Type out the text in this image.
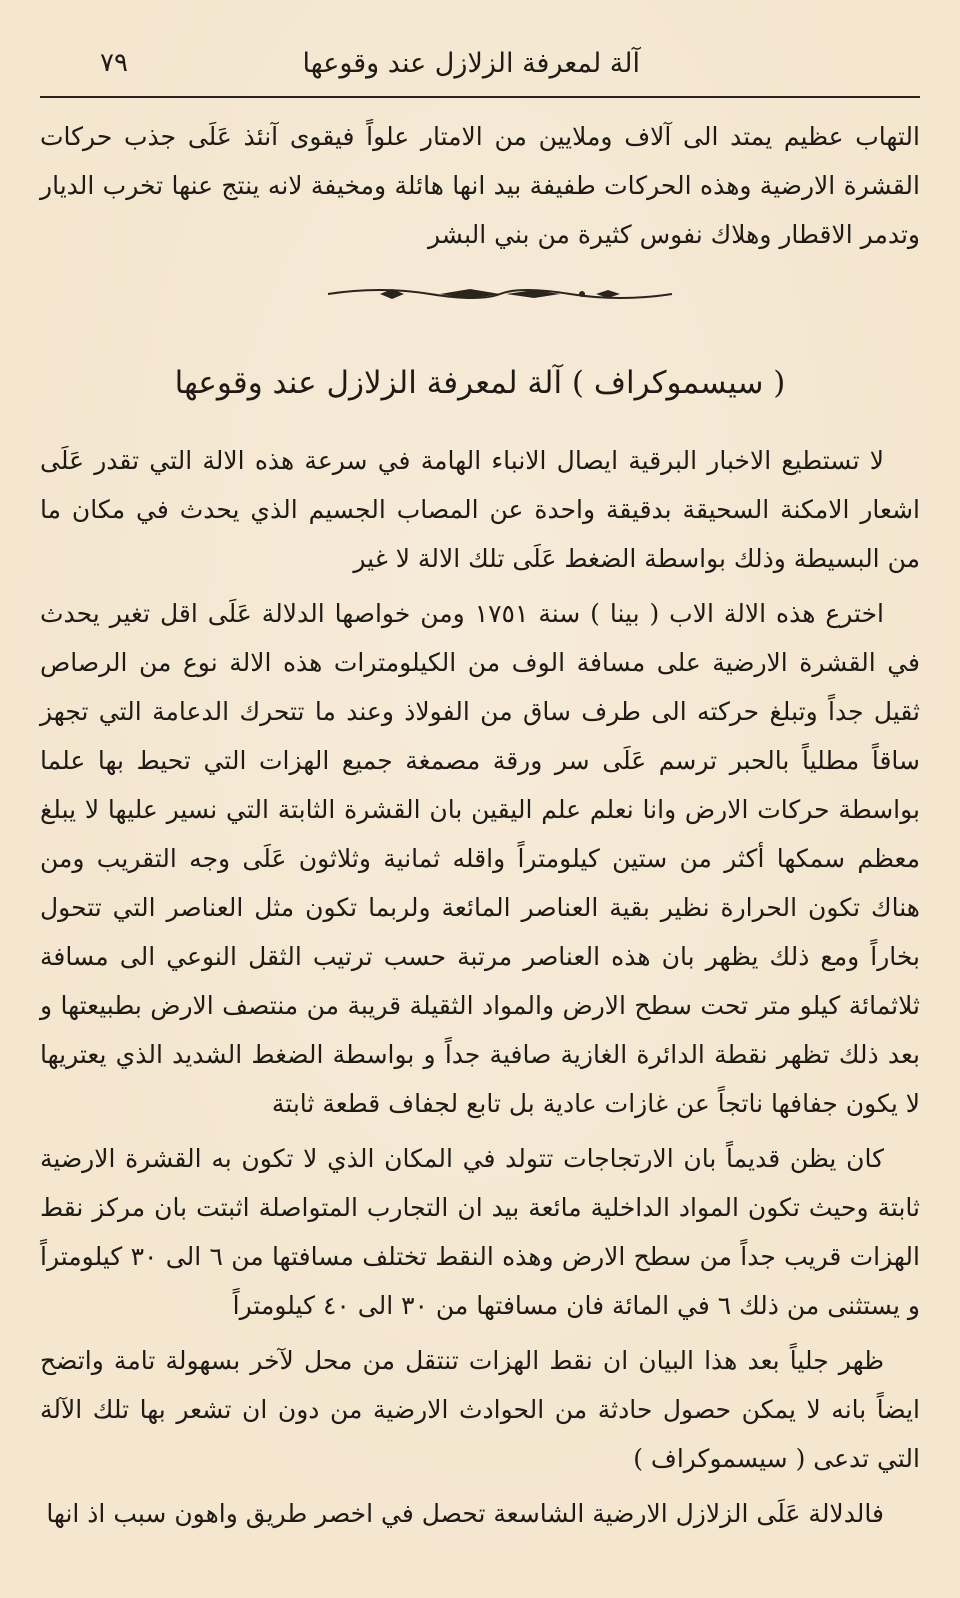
آلة لمعرفة الزلازل عند وقوعها
٧٩

التهاب عظيم يمتد الى آلاف وملايين من الامتار علواً فيقوى آنئذ عَلَى جذب حركات القشرة الارضية وهذه الحركات طفيفة بيد انها هائلة ومخيفة لانه ينتج عنها تخرب الديار وتدمر الاقطار وهلاك نفوس كثيرة من بني البشر

( سيسموكراف ) آلة لمعرفة الزلازل عند وقوعها

لا تستطيع الاخبار البرقية ايصال الانباء الهامة في سرعة هذه الالة التي تقدر عَلَى اشعار الامكنة السحيقة بدقيقة واحدة عن المصاب الجسيم الذي يحدث في مكان ما من البسيطة وذلك بواسطة الضغط عَلَى تلك الالة لا غير

اخترع هذه الالة الاب ( بينا ) سنة ١٧٥١ ومن خواصها الدلالة عَلَى اقل تغير يحدث في القشرة الارضية على مسافة الوف من الكيلومترات هذه الالة نوع من الرصاص ثقيل جداً وتبلغ حركته الى طرف ساق من الفولاذ وعند ما تتحرك الدعامة التي تجهز ساقاً مطلياً بالحبر ترسم عَلَى سر ورقة مصمغة جميع الهزات التي تحيط بها علما بواسطة حركات الارض وانا نعلم علم اليقين بان القشرة الثابتة التي نسير عليها لا يبلغ معظم سمكها أكثر من ستين كيلومتراً واقله ثمانية وثلاثون عَلَى وجه التقريب ومن هناك تكون الحرارة نظير بقية العناصر المائعة ولربما تكون مثل العناصر التي تتحول بخاراً ومع ذلك يظهر بان هذه العناصر مرتبة حسب ترتيب الثقل النوعي الى مسافة ثلاثمائة كيلو متر تحت سطح الارض والمواد الثقيلة قريبة من منتصف الارض بطبيعتها و بعد ذلك تظهر نقطة الدائرة الغازية صافية جداً و بواسطة الضغط الشديد الذي يعتريها لا يكون جفافها ناتجاً عن غازات عادية بل تابع لجفاف قطعة ثابتة

كان يظن قديماً بان الارتجاجات تتولد في المكان الذي لا تكون به القشرة الارضية ثابتة وحيث تكون المواد الداخلية مائعة بيد ان التجارب المتواصلة اثبتت بان مركز نقط الهزات قريب جداً من سطح الارض وهذه النقط تختلف مسافتها من ٦ الى ٣٠ كيلومتراً و يستثنى من ذلك ٦ في المائة فان مسافتها من ٣٠ الى ٤٠ كيلومتراً

ظهر جلياً بعد هذا البيان ان نقط الهزات تنتقل من محل لآخر بسهولة تامة واتضح ايضاً بانه لا يمكن حصول حادثة من الحوادث الارضية من دون ان تشعر بها تلك الآلة التي تدعى ( سيسموكراف )

فالدلالة عَلَى الزلازل الارضية الشاسعة تحصل في اخصر طريق واهون سبب اذ انها
